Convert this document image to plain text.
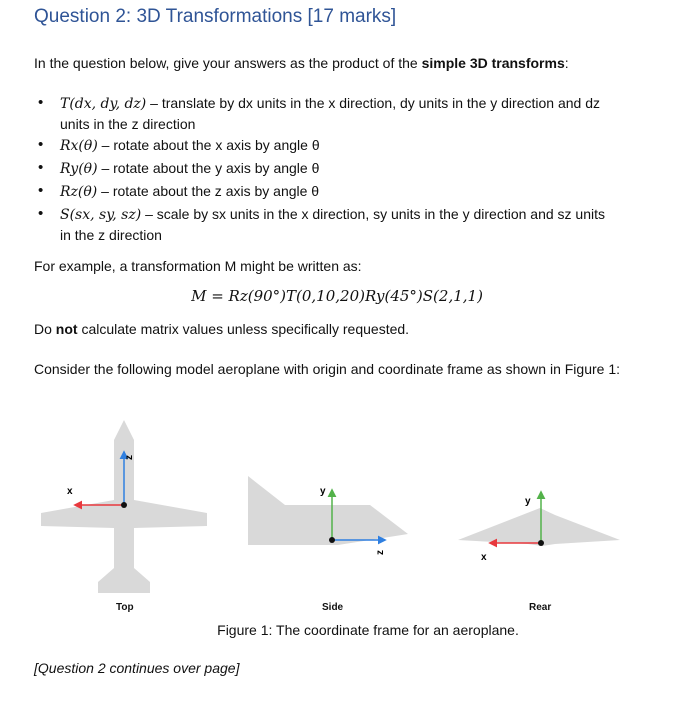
Question 2: 3D Transformations [17 marks]
In the question below, give your answers as the product of the simple 3D transforms:
• T(dx, dy, dz) – translate by dx units in the x direction, dy units in the y direction and dz
units in the z direction
• Rx(θ) – rotate about the x axis by angle θ
• Ry(θ) – rotate about the y axis by angle θ
• Rz(θ) – rotate about the z axis by angle θ
• S(sx, sy, sz) – scale by sx units in the x direction, sy units in the y direction and sz units
in the z direction
For example, a transformation M might be written as:
M = Rz(90°)T(0,10,20)Ry(45°)S(2,1,1)
Do not calculate matrix values unless specifically requested.
Consider the following model aeroplane with origin and coordinate frame as shown in Figure 1:
z
x	y
z
y
x
Top	Side	Rear
Figure 1: The coordinate frame for an aeroplane.
[Question 2 continues over page]
